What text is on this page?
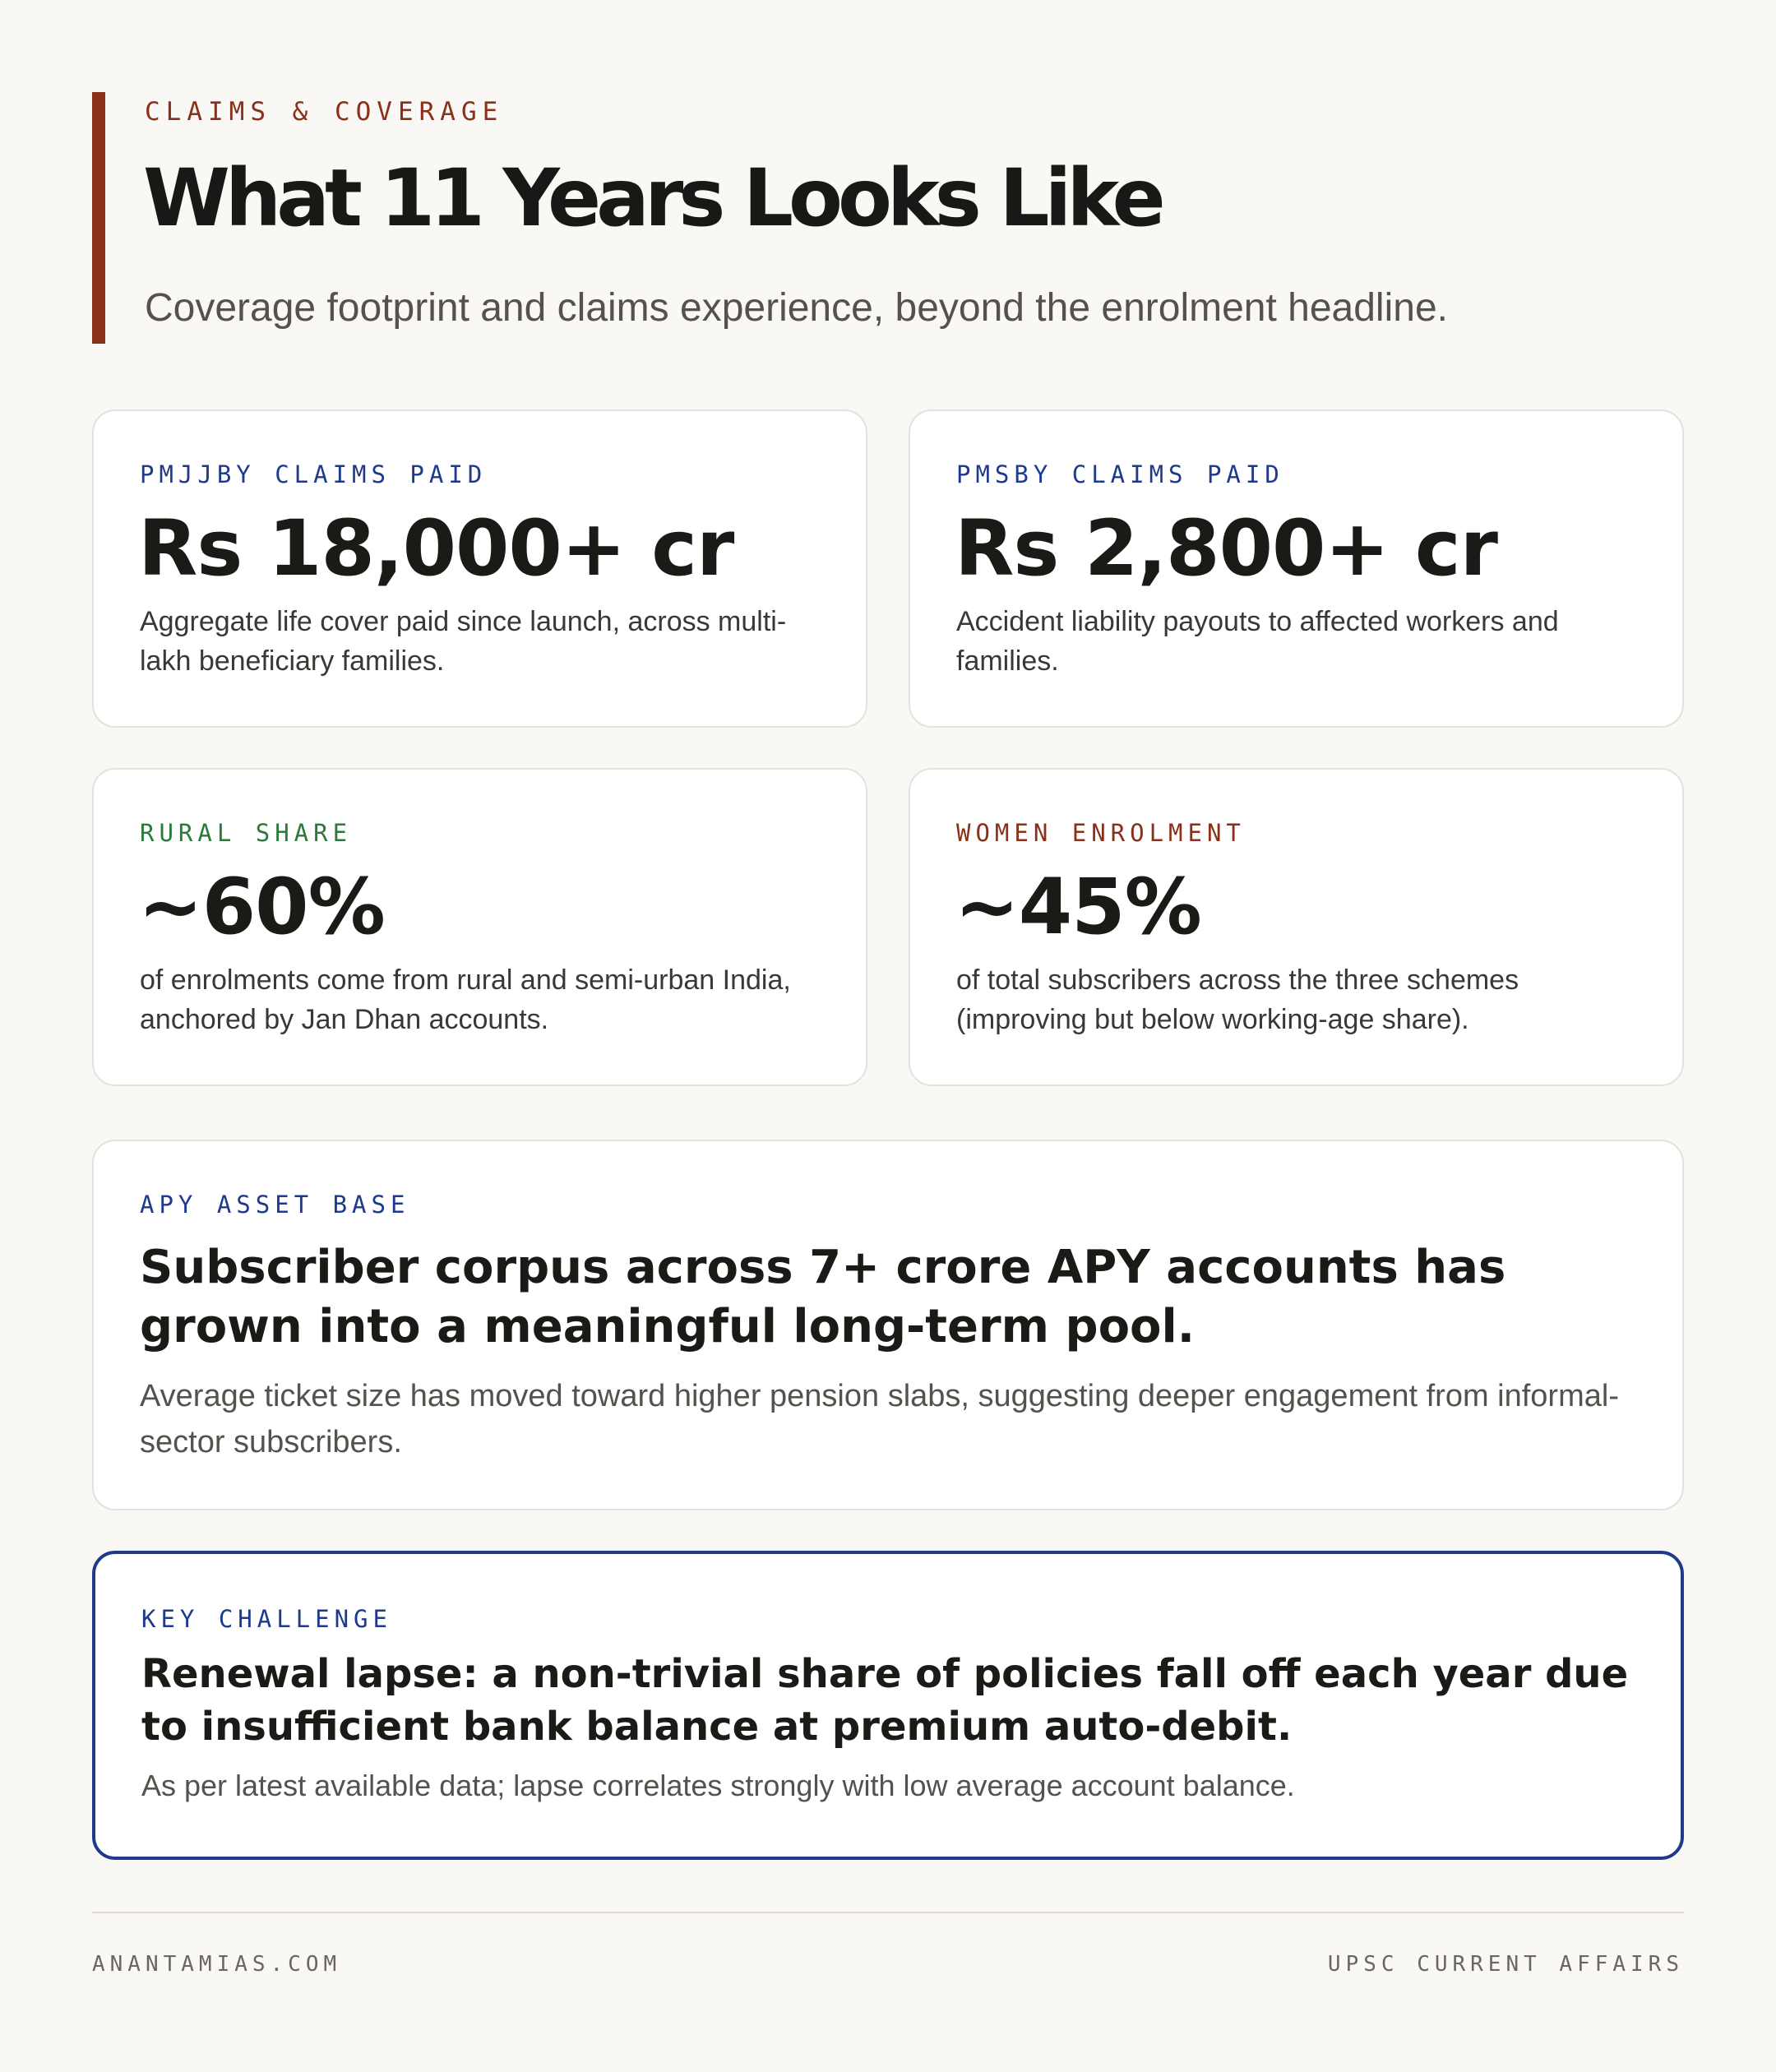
CLAIMS & COVERAGE
What 11 Years Looks Like
Coverage footprint and claims experience, beyond the enrolment headline.
PMJJBY CLAIMS PAID
Rs 18,000+ cr
Aggregate life cover paid since launch, across multi-lakh beneficiary families.
PMSBY CLAIMS PAID
Rs 2,800+ cr
Accident liability payouts to affected workers and families.
RURAL SHARE
~60%
of enrolments come from rural and semi-urban India, anchored by Jan Dhan accounts.
WOMEN ENROLMENT
~45%
of total subscribers across the three schemes (improving but below working-age share).
APY ASSET BASE
Subscriber corpus across 7+ crore APY accounts has grown into a meaningful long-term pool.
Average ticket size has moved toward higher pension slabs, suggesting deeper engagement from informal-sector subscribers.
KEY CHALLENGE
Renewal lapse: a non-trivial share of policies fall off each year due to insufficient bank balance at premium auto-debit.
As per latest available data; lapse correlates strongly with low average account balance.
ANANTAMIAS.COM	UPSC CURRENT AFFAIRS
